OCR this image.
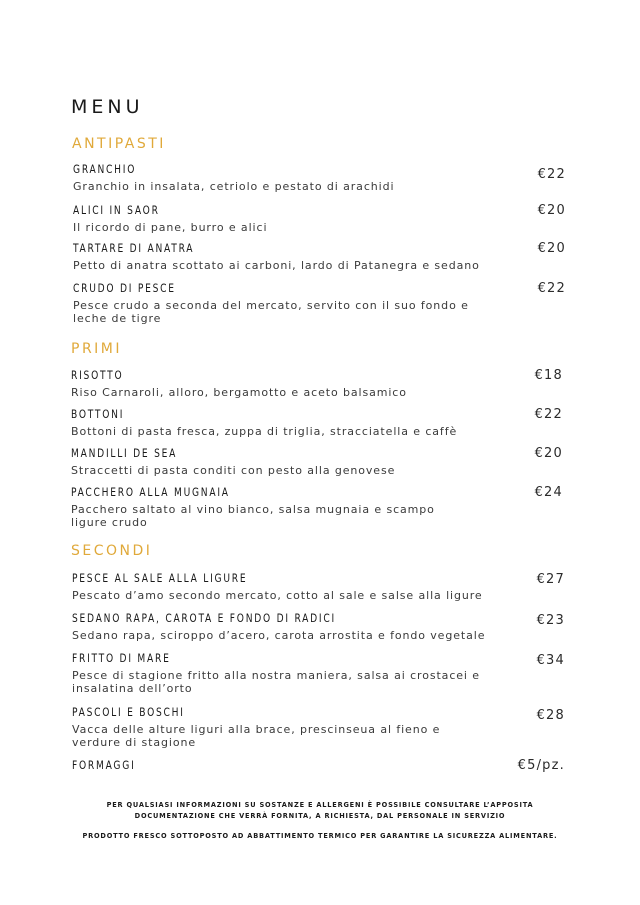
MENU
ANTIPASTI
GRANCHIO
Granchio in insalata, cetriolo e pestato di arachidi
€22
ALICI IN SAOR
Il ricordo di pane, burro e alici
€20
TARTARE DI ANATRA
Petto di anatra scottato ai carboni, lardo di Patanegra e sedano
€20
CRUDO DI PESCE
Pesce crudo a seconda del mercato, servito con il suo fondo e leche de tigre
€22
PRIMI
RISOTTO
Riso Carnaroli, alloro, bergamotto e aceto balsamico
€18
BOTTONI
Bottoni di pasta fresca, zuppa di triglia, stracciatella e caffè
€22
MANDILLI DE SEA
Straccetti di pasta conditi con pesto alla genovese
€20
PACCHERO ALLA MUGNAIA
Pacchero saltato al vino bianco, salsa mugnaia e scampo ligure crudo
€24
SECONDI
PESCE AL SALE ALLA LIGURE
Pescato d’amo secondo mercato, cotto al sale e salse alla ligure
€27
SEDANO RAPA, CAROTA E FONDO DI RADICI
Sedano rapa, sciroppo d’acero, carota arrostita e fondo vegetale
€23
FRITTO DI MARE
Pesce di stagione fritto alla nostra maniera, salsa ai crostacei e insalatina dell’orto
€34
PASCOLI E BOSCHI
Vacca delle alture liguri alla brace, prescinseua al fieno e verdure di stagione
€28
FORMAGGI	€5/pz.
PER QUALSIASI INFORMAZIONI SU SOSTANZE E ALLERGENI È POSSIBILE CONSULTARE L’APPOSITA
DOCUMENTAZIONE CHE VERRÀ FORNITA, A RICHIESTA, DAL PERSONALE IN SERVIZIO
PRODOTTO FRESCO SOTTOPOSTO AD ABBATTIMENTO TERMICO PER GARANTIRE LA SICUREZZA ALIMENTARE.
